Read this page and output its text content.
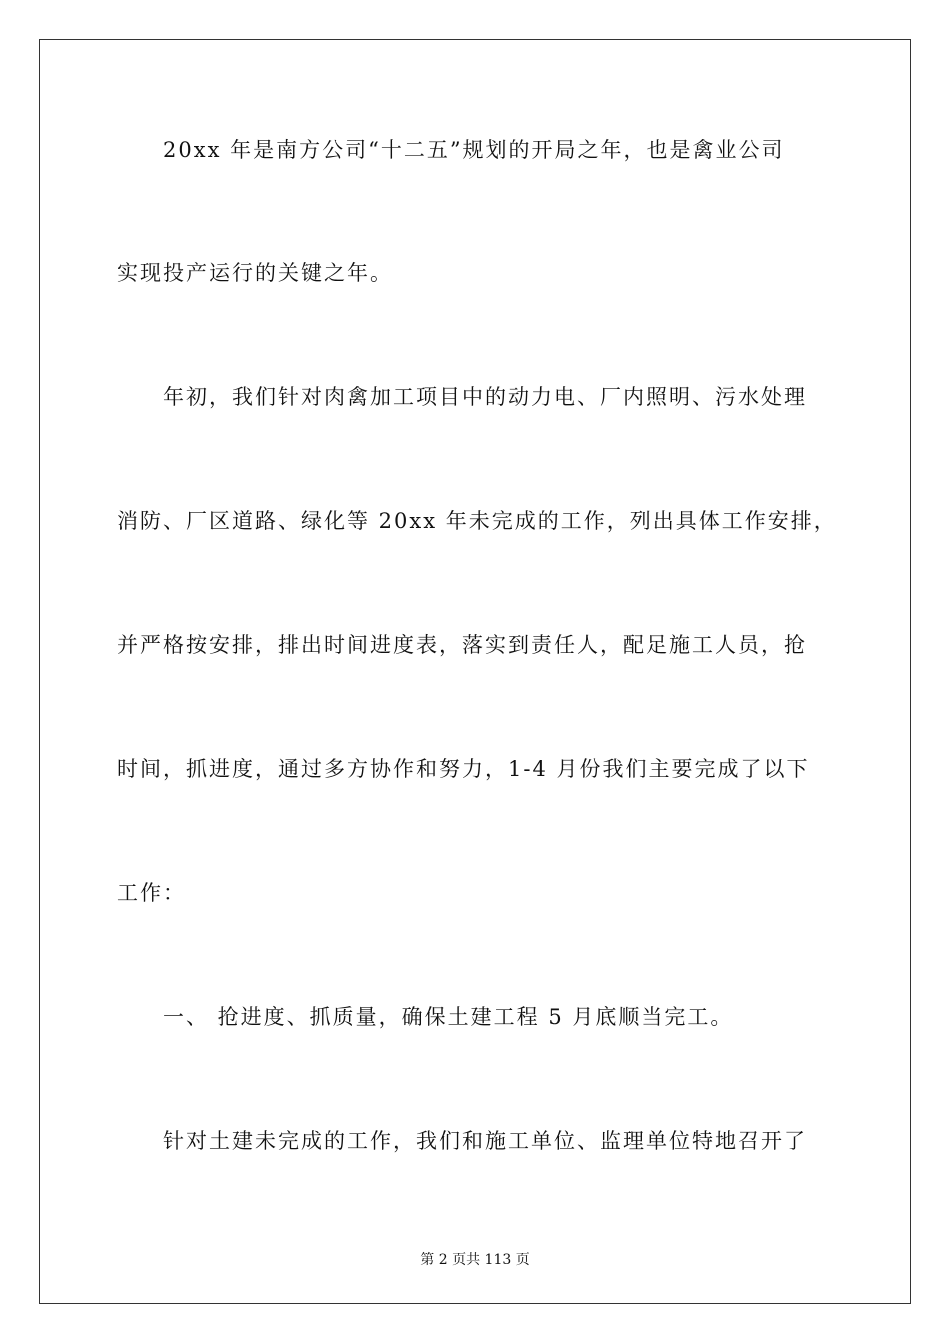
20xx 年是南方公司“十二五”规划的开局之年，也是禽业公司
实现投产运行的关键之年。
年初，我们针对肉禽加工项目中的动力电、厂内照明、污水处理
消防、厂区道路、绿化等 20xx 年未完成的工作，列出具体工作安排，
并严格按安排，排出时间进度表，落实到责任人，配足施工人员，抢
时间，抓进度，通过多方协作和努力，1-4 月份我们主要完成了以下
工作：
一、 抢进度、抓质量，确保土建工程 5 月底顺当完工。
针对土建未完成的工作，我们和施工单位、监理单位特地召开了
第 2 页共 113 页
